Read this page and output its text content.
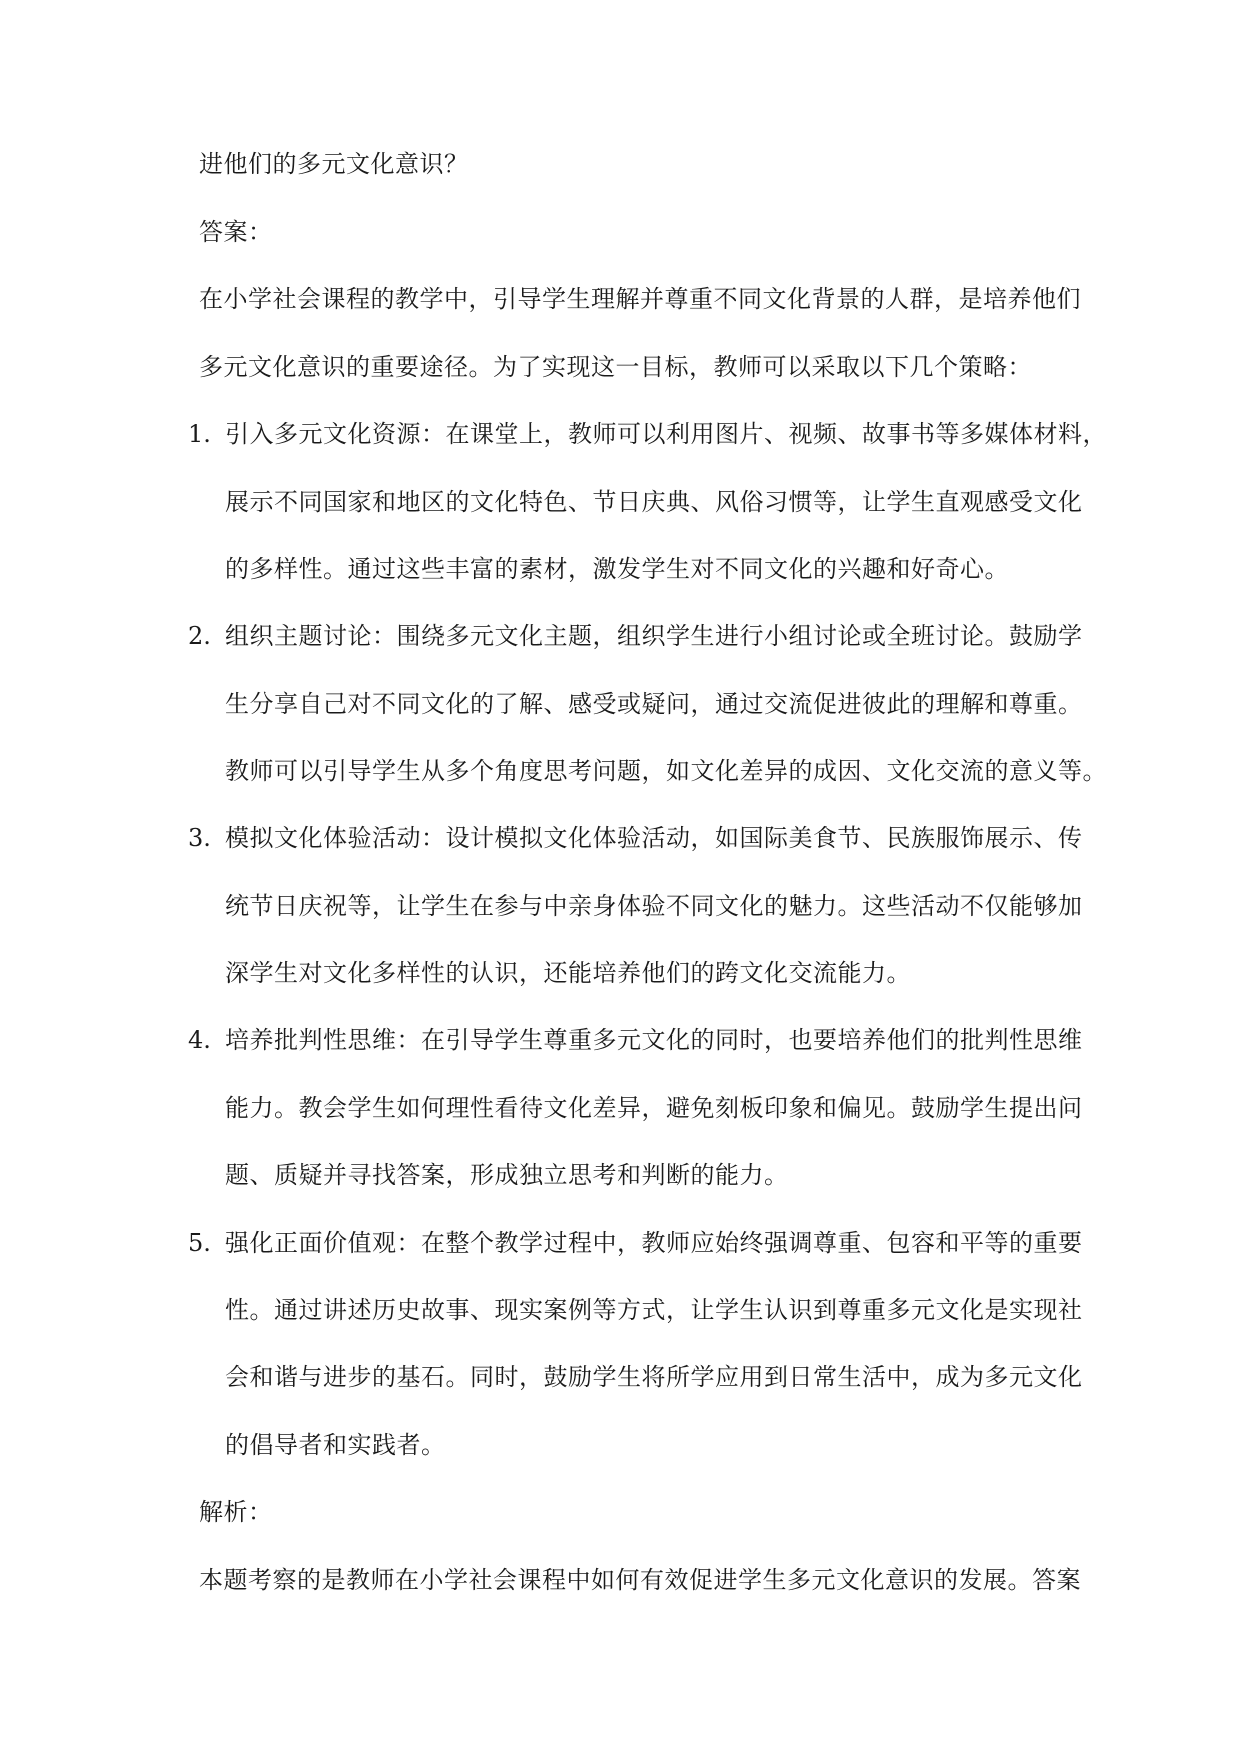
进他们的多元文化意识？
答案：
在小学社会课程的教学中，引导学生理解并尊重不同文化背景的人群，是培养他们
多元文化意识的重要途径。为了实现这一目标，教师可以采取以下几个策略：
1. 引入多元文化资源：在课堂上，教师可以利用图片、视频、故事书等多媒体材料，
展示不同国家和地区的文化特色、节日庆典、风俗习惯等，让学生直观感受文化
的多样性。通过这些丰富的素材，激发学生对不同文化的兴趣和好奇心。
2. 组织主题讨论：围绕多元文化主题，组织学生进行小组讨论或全班讨论。鼓励学
生分享自己对不同文化的了解、感受或疑问，通过交流促进彼此的理解和尊重。
教师可以引导学生从多个角度思考问题，如文化差异的成因、文化交流的意义等。
3. 模拟文化体验活动：设计模拟文化体验活动，如国际美食节、民族服饰展示、传
统节日庆祝等，让学生在参与中亲身体验不同文化的魅力。这些活动不仅能够加
深学生对文化多样性的认识，还能培养他们的跨文化交流能力。
4. 培养批判性思维：在引导学生尊重多元文化的同时，也要培养他们的批判性思维
能力。教会学生如何理性看待文化差异，避免刻板印象和偏见。鼓励学生提出问
题、质疑并寻找答案，形成独立思考和判断的能力。
5. 强化正面价值观：在整个教学过程中，教师应始终强调尊重、包容和平等的重要
性。通过讲述历史故事、现实案例等方式，让学生认识到尊重多元文化是实现社
会和谐与进步的基石。同时，鼓励学生将所学应用到日常生活中，成为多元文化
的倡导者和实践者。
解析：
本题考察的是教师在小学社会课程中如何有效促进学生多元文化意识的发展。答案
